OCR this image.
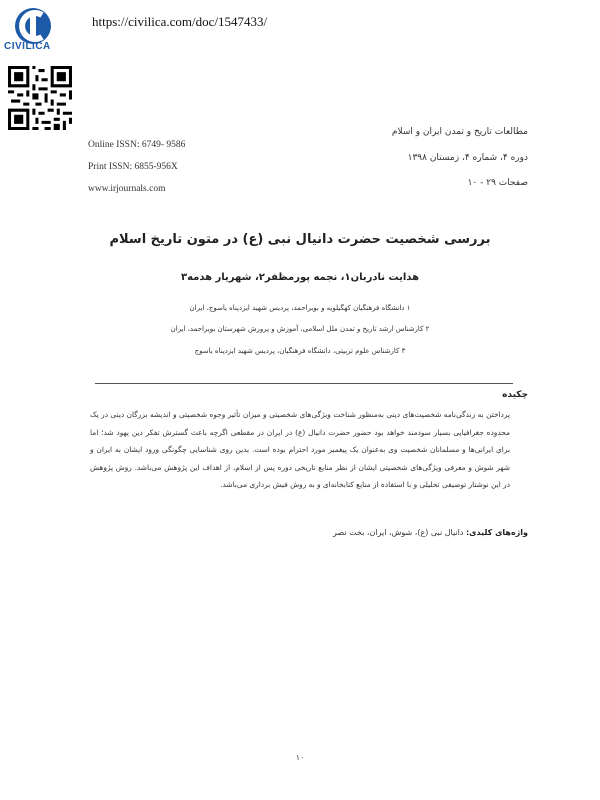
CIVILICA
https://civilica.com/doc/1547433/
Online ISSN: 6749- 9586
Print ISSN: 6855-956X
www.irjournals.com
مطالعات تاریخ و تمدن ایران و اسلام
دوره ۴، شماره ۴، زمستان ۱۳۹۸
صفحات ۲۹ - ۱۰
بررسی شخصیت حضرت دانیال نبی (ع) در متون تاریخ اسلام
هدایت نادربان۱، نجمه پورمظفر۲، شهریار هدمه۳
۱ دانشگاه فرهنگیان کهگیلویه و بویراحمد، پردیس شهید ایزدپناه یاسوج، ایران
۲ کارشناس ارشد تاریخ و تمدن ملل اسلامی، آموزش و پرورش شهرستان بویراحمد، ایران
۳ کارشناس علوم تربیتی، دانشگاه فرهنگیان، پردیس شهید ایزدپناه یاسوج
چکیده
پرداختن به زندگی‌نامه شخصیت‌های دینی به‌منظور شناخت ویژگی‌های شخصیتی و میزان تأثیر وجوه شخصیتی و اندیشه بزرگان دینی در یک محدوده جغرافیایی بسیار سودمند خواهد بود حضور حضرت دانیال (ع) در ایران در مقطعی اگرچه باعث گسترش تفکر دین یهود شد؛ اما برای ایرانی‌ها و مسلمانان شخصیت وی به‌عنوان یک پیغمبر مورد احترام بوده است. بدین روی شناسایی چگونگی ورود ایشان به ایران و شهر شوش و معرفی ویژگی‌های شخصیتی ایشان از نظر منابع تاریخی دوره پس از اسلام، از اهداف این پژوهش می‌باشد. روش پژوهش در این نوشتار توصیفی تحلیلی و با استفاده از منابع کتابخانه‌ای و به روش فیش برداری می‌باشد.
واژه‌های کلیدی: دانیال نبی (ع)، شوش، ایران، بخت نصر
۱۰
